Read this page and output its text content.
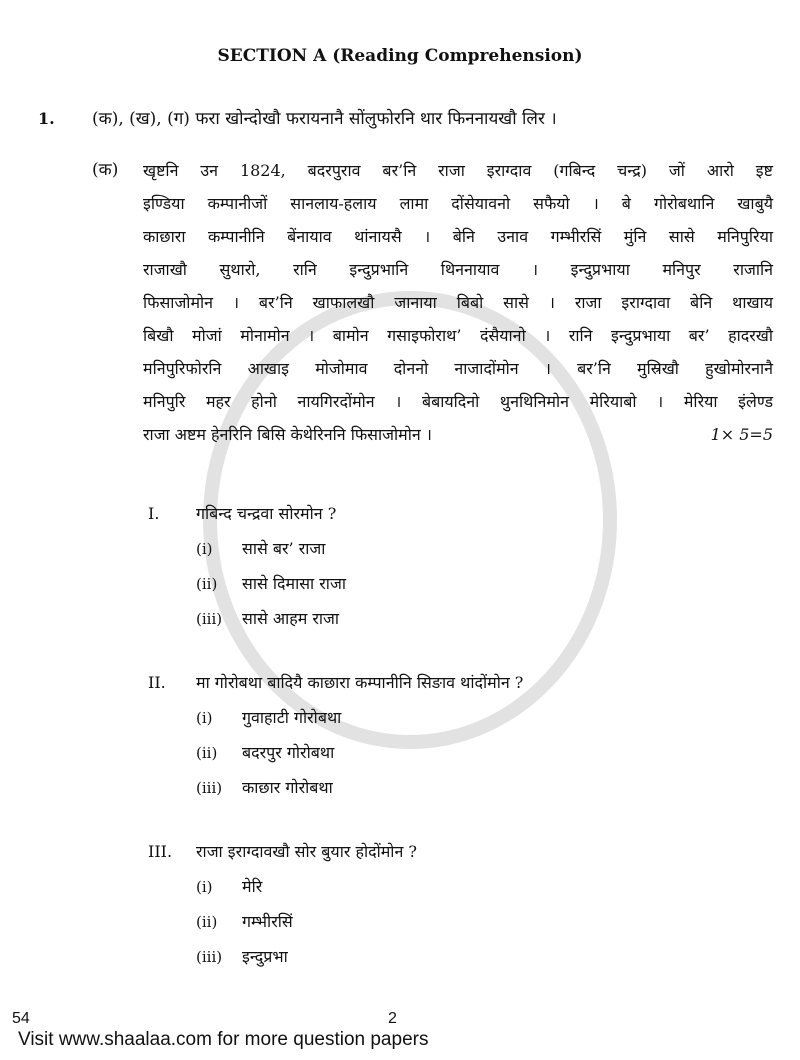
SECTION A (Reading Comprehension)
1.	(क), (ख), (ग) फरा खोन्दोखौ फरायनानै सोंलुफोरनि थार फिननायखौ लिर ।
(क)	खृष्टनि उन 1824, बदरपुराव बर’नि राजा इराग्दाव (गबिन्द चन्द्र) जों आरो इष्ट
इण्डिया कम्पानीजों सानलाय-हलाय लामा दोंसेयावनो सफैयो । बे गोरोबथानि खाबुयै
काछारा कम्पानीनि बेंनायाव थांनायसै । बेनि उनाव गम्भीरसिं मुंनि सासे मनिपुरिया
राजाखौ सुथारो, रानि इन्दुप्रभानि थिननायाव । इन्दुप्रभाया मनिपुर राजानि
फिसाजोमोन । बर’नि खाफालखौ जानाया बिबो सासे । राजा इराग्दावा बेनि थाखाय
बिखौ मोजां मोनामोन । बामोन गसाइफोराथ’ दंसैयानो । रानि इन्दुप्रभाया बर’ हादरखौ
मनिपुरिफोरनि आखाइ मोजोमाव दोननो नाजादोंमोन । बर’नि मुस्रिखौ हुखोमोरनानै
मनिपुरि महर होनो नायगिरदोंमोन । बेबायदिनो थुनथिनिमोन मेरियाबो । मेरिया इंलेण्ड
राजा अष्टम हेनरिनि बिसि केथेरिननि फिसाजोमोन ।	1× 5=5
I.	गबिन्द चन्द्रवा सोरमोन ?
(i)	सासे बर’ राजा
(ii)	सासे दिमासा राजा
(iii)	सासे आहम राजा
II.	मा गोरोबथा बादियै काछारा कम्पानीनि सिङाव थांदोंमोन ?
(i)	गुवाहाटी गोरोबथा
(ii)	बदरपुर गोरोबथा
(iii)	काछार गोरोबथा
III.	राजा इराग्दावखौ सोर बुयार होदोंमोन ?
(i)	मेरि
(ii)	गम्भीरसिं
(iii)	इन्दुप्रभा
54	2
Visit www.shaalaa.com for more question papers
